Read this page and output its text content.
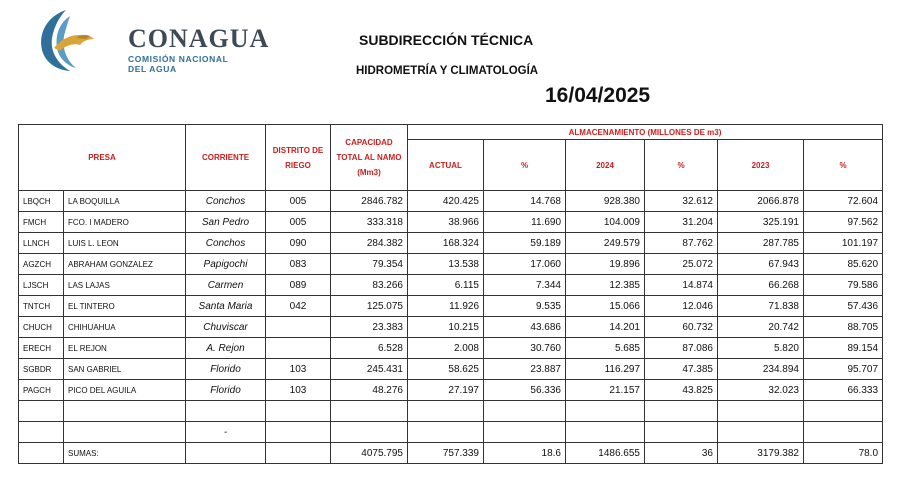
CONAGUA
COMISIÓN NACIONAL DEL AGUA
SUBDIRECCIÓN TÉCNICA
HIDROMETRÍA Y CLIMATOLOGÍA
16/04/2025
PRESA		CORRIENTE	DISTRITO DE RIEGO	CAPACIDAD TOTAL AL NAMO (Mm3)	ALMACENAMIENTO (MILLONES DE m3)					
					ACTUAL	%	2024	%	2023	%
LBQCH	LA BOQUILLA	Conchos	005	2846.782	420.425	14.768	928.380	32.612	2066.878	72.604
FMCH	FCO. I MADERO	San Pedro	005	333.318	38.966	11.690	104.009	31.204	325.191	97.562
LLNCH	LUIS L. LEON	Conchos	090	284.382	168.324	59.189	249.579	87.762	287.785	101.197
AGZCH	ABRAHAM GONZALEZ	Papigochi	083	79.354	13.538	17.060	19.896	25.072	67.943	85.620
LJSCH	LAS LAJAS	Carmen	089	83.266	6.115	7.344	12.385	14.874	66.268	79.586
TNTCH	EL TINTERO	Santa Maria	042	125.075	11.926	9.535	15.066	12.046	71.838	57.436
CHUCH	CHIHUAHUA	Chuviscar		23.383	10.215	43.686	14.201	60.732	20.742	88.705
ERECH	EL REJON	A. Rejon		6.528	2.008	30.760	5.685	87.086	5.820	89.154
SGBDR	SAN GABRIEL	Florido	103	245.431	58.625	23.887	116.297	47.385	234.894	95.707
PAGCH	PICO DEL AGUILA	Florido	103	48.276	27.197	56.336	21.157	43.825	32.023	66.333

		-								
	SUMAS:			4075.795	757.339	18.6	1486.655	36	3179.382	78.0
